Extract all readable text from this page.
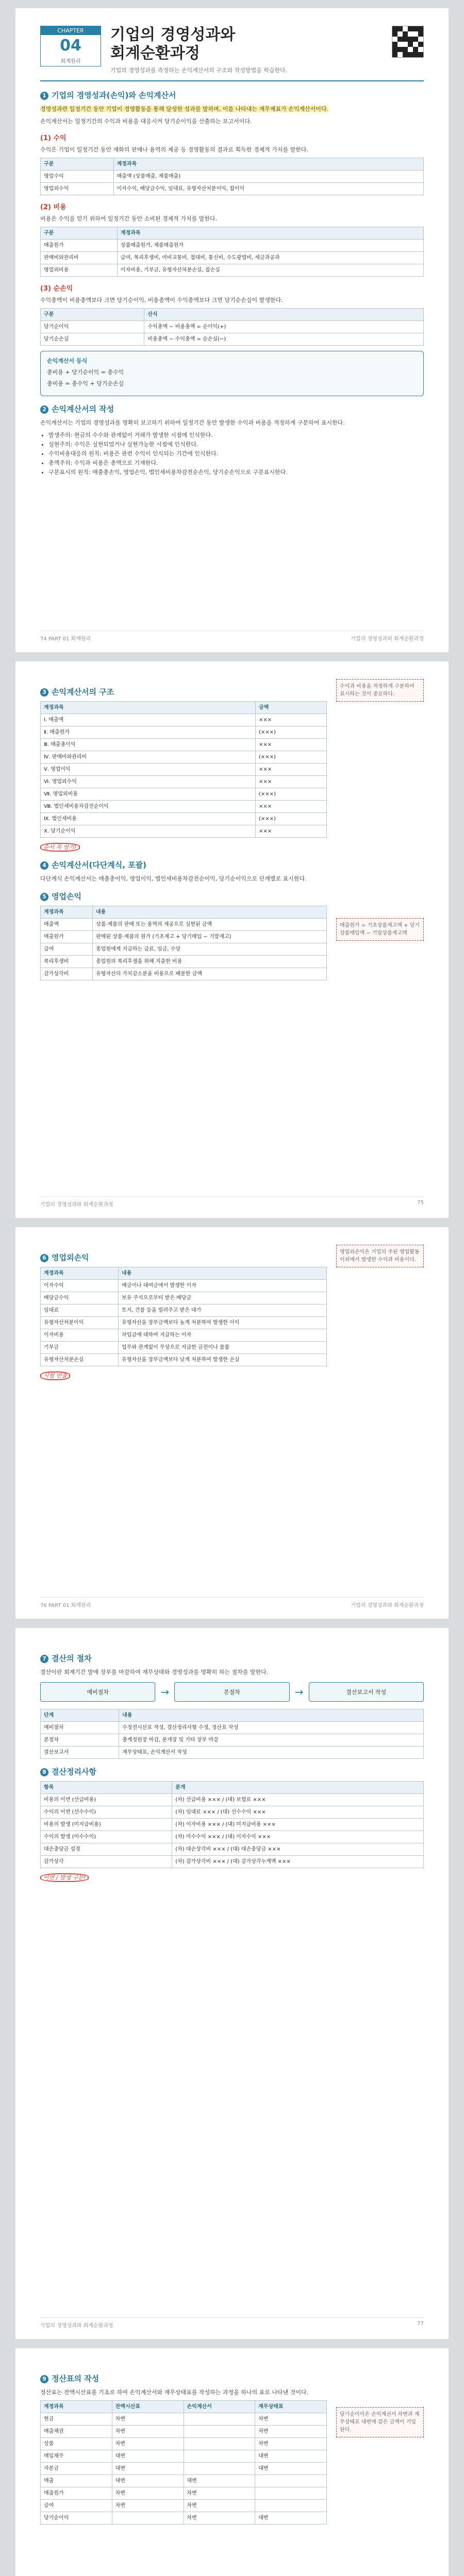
CHAPTER
04
회계원리
기업의 경영성과와
회계순환과정
기업의 경영성과를 측정하는 손익계산서의 구조와 작성방법을 학습한다.
1 기업의 경영성과(손익)와 손익계산서

경영성과란 일정기간 동안 기업이 경영활동을 통해 달성한 성과를 말하며, 이를 나타내는 재무제표가 손익계산서이다.

손익계산서는 일정기간의 수익과 비용을 대응시켜 당기순이익을 산출하는 보고서이다.

(1) 수익

수익은 기업이 일정기간 동안 재화의 판매나 용역의 제공 등 경영활동의 결과로 획득한 경제적 가치를 말한다.

구분	계정과목
영업수익	매출액 (상품매출, 제품매출)
영업외수익	이자수익, 배당금수익, 임대료, 유형자산처분이익, 잡이익
(2) 비용

비용은 수익을 얻기 위하여 일정기간 동안 소비된 경제적 가치를 말한다.

구분	계정과목
매출원가	상품매출원가, 제품매출원가
판매비와관리비	급여, 복리후생비, 여비교통비, 접대비, 통신비, 수도광열비, 세금과공과
영업외비용	이자비용, 기부금, 유형자산처분손실, 잡손실
(3) 순손익

수익총액이 비용총액보다 크면 당기순이익, 비용총액이 수익총액보다 크면 당기순손실이 발생한다.

구분	산식
당기순이익	수익총액 − 비용총액 = 순이익(+)
당기순손실	비용총액 − 수익총액 = 순손실(−)

손익계산서 등식

총비용 + 당기순이익 = 총수익

총비용 = 총수익 + 당기순손실

2 손익계산서의 작성

손익계산서는 기업의 경영성과를 명확히 보고하기 위하여 일정기간 동안 발생한 수익과 비용을 적정하게 구분하여 표시한다.

• 발생주의: 현금의 수수와 관계없이 거래가 발생한 시점에 인식한다.
• 실현주의: 수익은 실현되었거나 실현가능한 시점에 인식한다.
• 수익비용대응의 원칙: 비용은 관련 수익이 인식되는 기간에 인식한다.
• 총액주의: 수익과 비용은 총액으로 기재한다.
• 구분표시의 원칙: 매출총손익, 영업손익, 법인세비용차감전순손익, 당기순손익으로 구분표시한다.
74 PART 01 회계원리	기업의 경영성과와 회계순환과정
3 손익계산서의 구조
계정과목	금액
Ⅰ. 매출액	×××
Ⅱ. 매출원가	(×××)
Ⅲ. 매출총이익	×××
Ⅳ. 판매비와관리비	(×××)
Ⅴ. 영업이익	×××
Ⅵ. 영업외수익	×××
Ⅶ. 영업외비용	(×××)
Ⅷ. 법인세비용차감전순이익	×××
Ⅸ. 법인세비용	(×××)
Ⅹ. 당기순이익	×××

순서 꼭 암기!

4 손익계산서(다단계식, 포괄)

다단계식 손익계산서는 매출총이익, 영업이익, 법인세비용차감전순이익, 당기순이익으로 단계별로 표시한다.

5 영업손익
계정과목	내용
매출액	상품·제품의 판매 또는 용역의 제공으로 실현된 금액
매출원가	판매된 상품·제품의 원가 (기초재고 + 당기매입 − 기말재고)
급여	종업원에게 지급하는 급료, 임금, 수당
복리후생비	종업원의 복리후생을 위해 지출한 비용
감가상각비	유형자산의 가치감소분을 비용으로 배분한 금액
수익과 비용을 적정하게 구분하여 표시하는 것이 중요하다.
매출원가 = 기초상품재고액 + 당기상품매입액 − 기말상품재고액
기업의 경영성과와 회계순환과정	75
6 영업외손익
계정과목	내용
이자수익	예금이나 대여금에서 발생한 이자
배당금수익	보유 주식으로부터 받은 배당금
임대료	토지, 건물 등을 빌려주고 받은 대가
유형자산처분이익	유형자산을 장부금액보다 높게 처분하여 발생한 이익
이자비용	차입금에 대하여 지급하는 이자
기부금	업무와 관계없이 무상으로 지급한 금전이나 물품
유형자산처분손실	유형자산을 장부금액보다 낮게 처분하여 발생한 손실

시험 빈출

영업외손익은 기업의 주된 영업활동 이외에서 발생한 수익과 비용이다.
76 PART 01 회계원리	기업의 경영성과와 회계순환과정
7 결산의 절차

결산이란 회계기간 말에 장부를 마감하여 재무상태와 경영성과를 명확히 하는 절차를 말한다.

예비절차	→	본절차	→	결산보고서 작성
단계	내용
예비절차	수정전시산표 작성, 결산정리사항 수정, 정산표 작성
본절차	총계정원장 마감, 분개장 및 기타 장부 마감
결산보고서	재무상태표, 손익계산서 작성
8 결산정리사항
항목	분개
비용의 이연 (선급비용)	(차) 선급비용 ××× / (대) 보험료 ×××
수익의 이연 (선수수익)	(차) 임대료 ××× / (대) 선수수익 ×××
비용의 발생 (미지급비용)	(차) 이자비용 ××× / (대) 미지급비용 ×××
수익의 발생 (미수수익)	(차) 미수수익 ××× / (대) 이자수익 ×××
대손충당금 설정	(차) 대손상각비 ××× / (대) 대손충당금 ×××
감가상각	(차) 감가상각비 ××× / (대) 감가상각누계액 ×××

이연 / 발생 구분!

기업의 경영성과와 회계순환과정	77
9 정산표의 작성

정산표는 잔액시산표를 기초로 하여 손익계산서와 재무상태표를 작성하는 과정을 하나의 표로 나타낸 것이다.

계정과목	잔액시산표	손익계산서	재무상태표
현금	차변		차변
매출채권	차변		차변
상품	차변		차변
매입채무	대변		대변
자본금	대변		대변
매출	대변	대변	
매출원가	차변	차변	
급여	차변	차변	
당기순이익		차변	대변
당기순이익은 손익계산서 차변과 재무상태표 대변에 같은 금액이 기입된다.
